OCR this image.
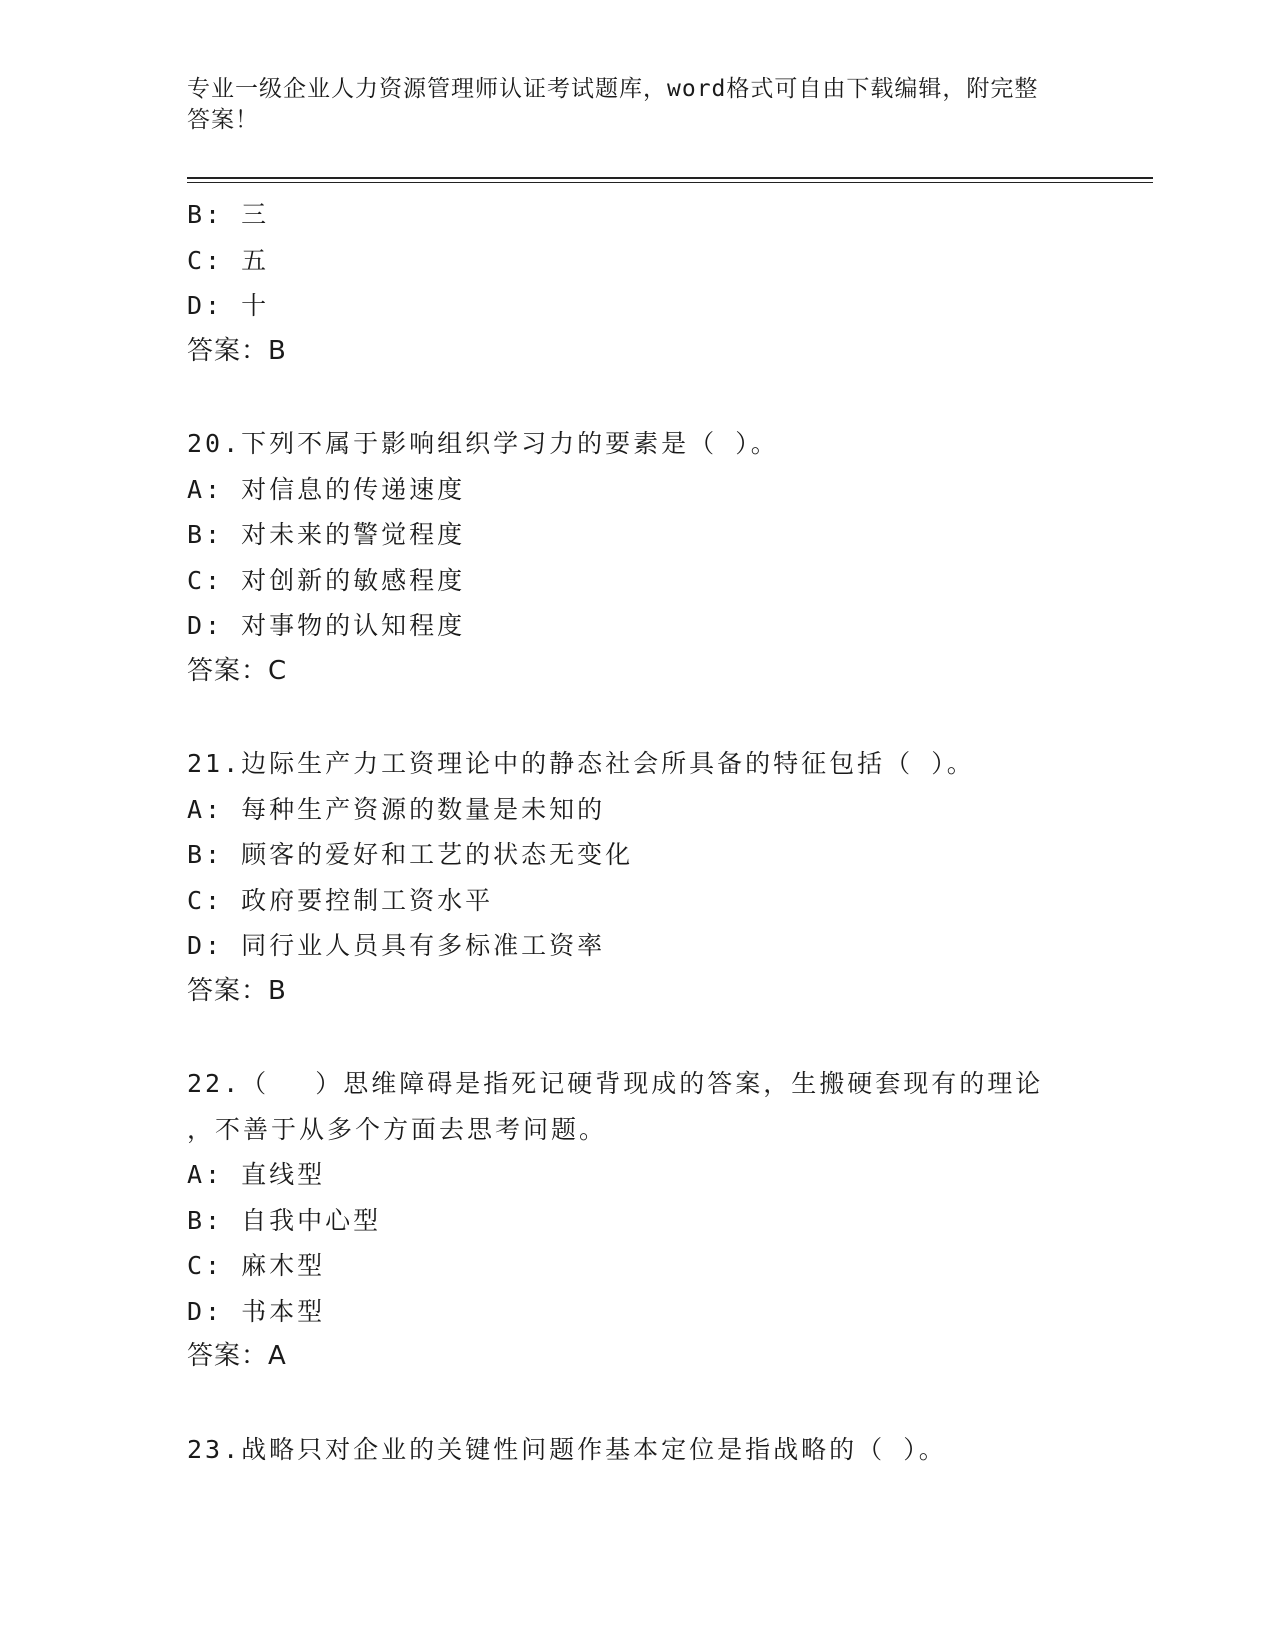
专业一级企业人力资源管理师认证考试题库，word格式可自由下载编辑，附完整
答案！
B: 三
C: 五
D: 十
答案：B
20.下列不属于影响组织学习力的要素是（ ）。
A: 对信息的传递速度
B: 对未来的警觉程度
C: 对创新的敏感程度
D: 对事物的认知程度
答案：C
21.边际生产力工资理论中的静态社会所具备的特征包括（ ）。
A: 每种生产资源的数量是未知的
B: 顾客的爱好和工艺的状态无变化
C: 政府要控制工资水平
D: 同行业人员具有多标准工资率
答案：B
22.（　 ）思维障碍是指死记硬背现成的答案，生搬硬套现有的理论
，不善于从多个方面去思考问题。
A: 直线型
B: 自我中心型
C: 麻木型
D: 书本型
答案：A
23.战略只对企业的关键性问题作基本定位是指战略的（ ）。
